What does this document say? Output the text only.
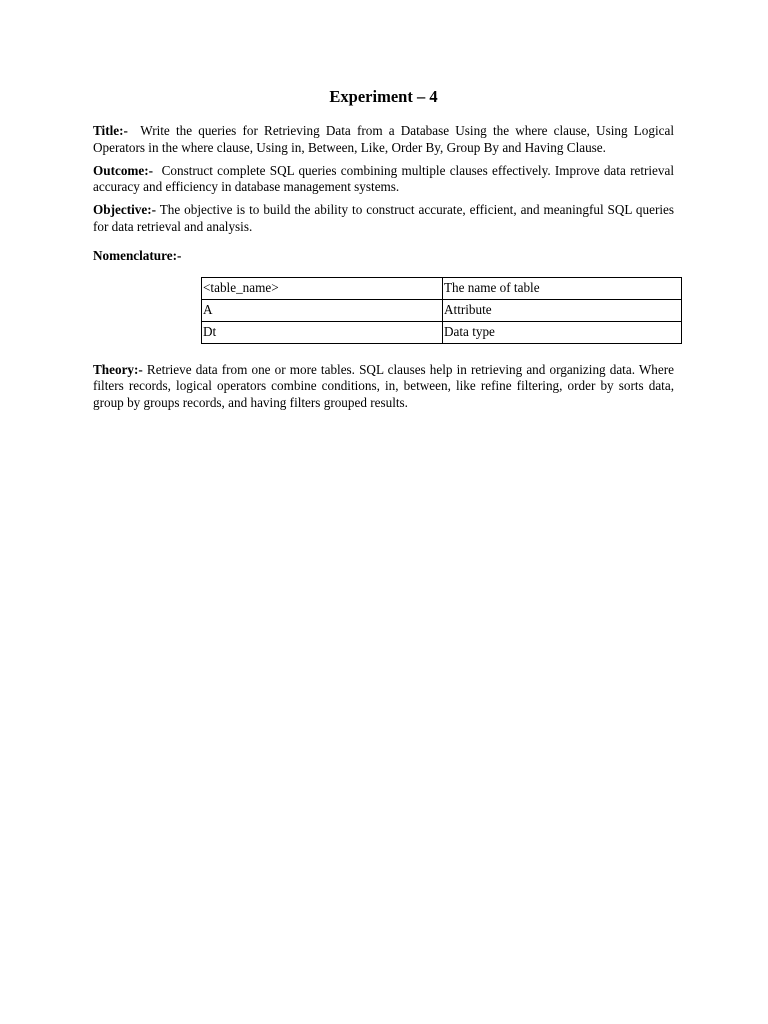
Experiment – 4

Title:- Write the queries for Retrieving Data from a Database Using the where clause, Using Logical Operators in the where clause, Using in, Between, Like, Order By, Group By and Having Clause.

Outcome:- Construct complete SQL queries combining multiple clauses effectively. Improve data retrieval accuracy and efficiency in database management systems.

Objective:- The objective is to build the ability to construct accurate, efficient, and meaningful SQL queries for data retrieval and analysis.

Nomenclature:-

<table_name>	The name of table
A	Attribute
Dt	Data type

Theory:- Retrieve data from one or more tables. SQL clauses help in retrieving and organizing data. Where filters records, logical operators combine conditions, in, between, like refine filtering, order by sorts data, group by groups records, and having filters grouped results.
